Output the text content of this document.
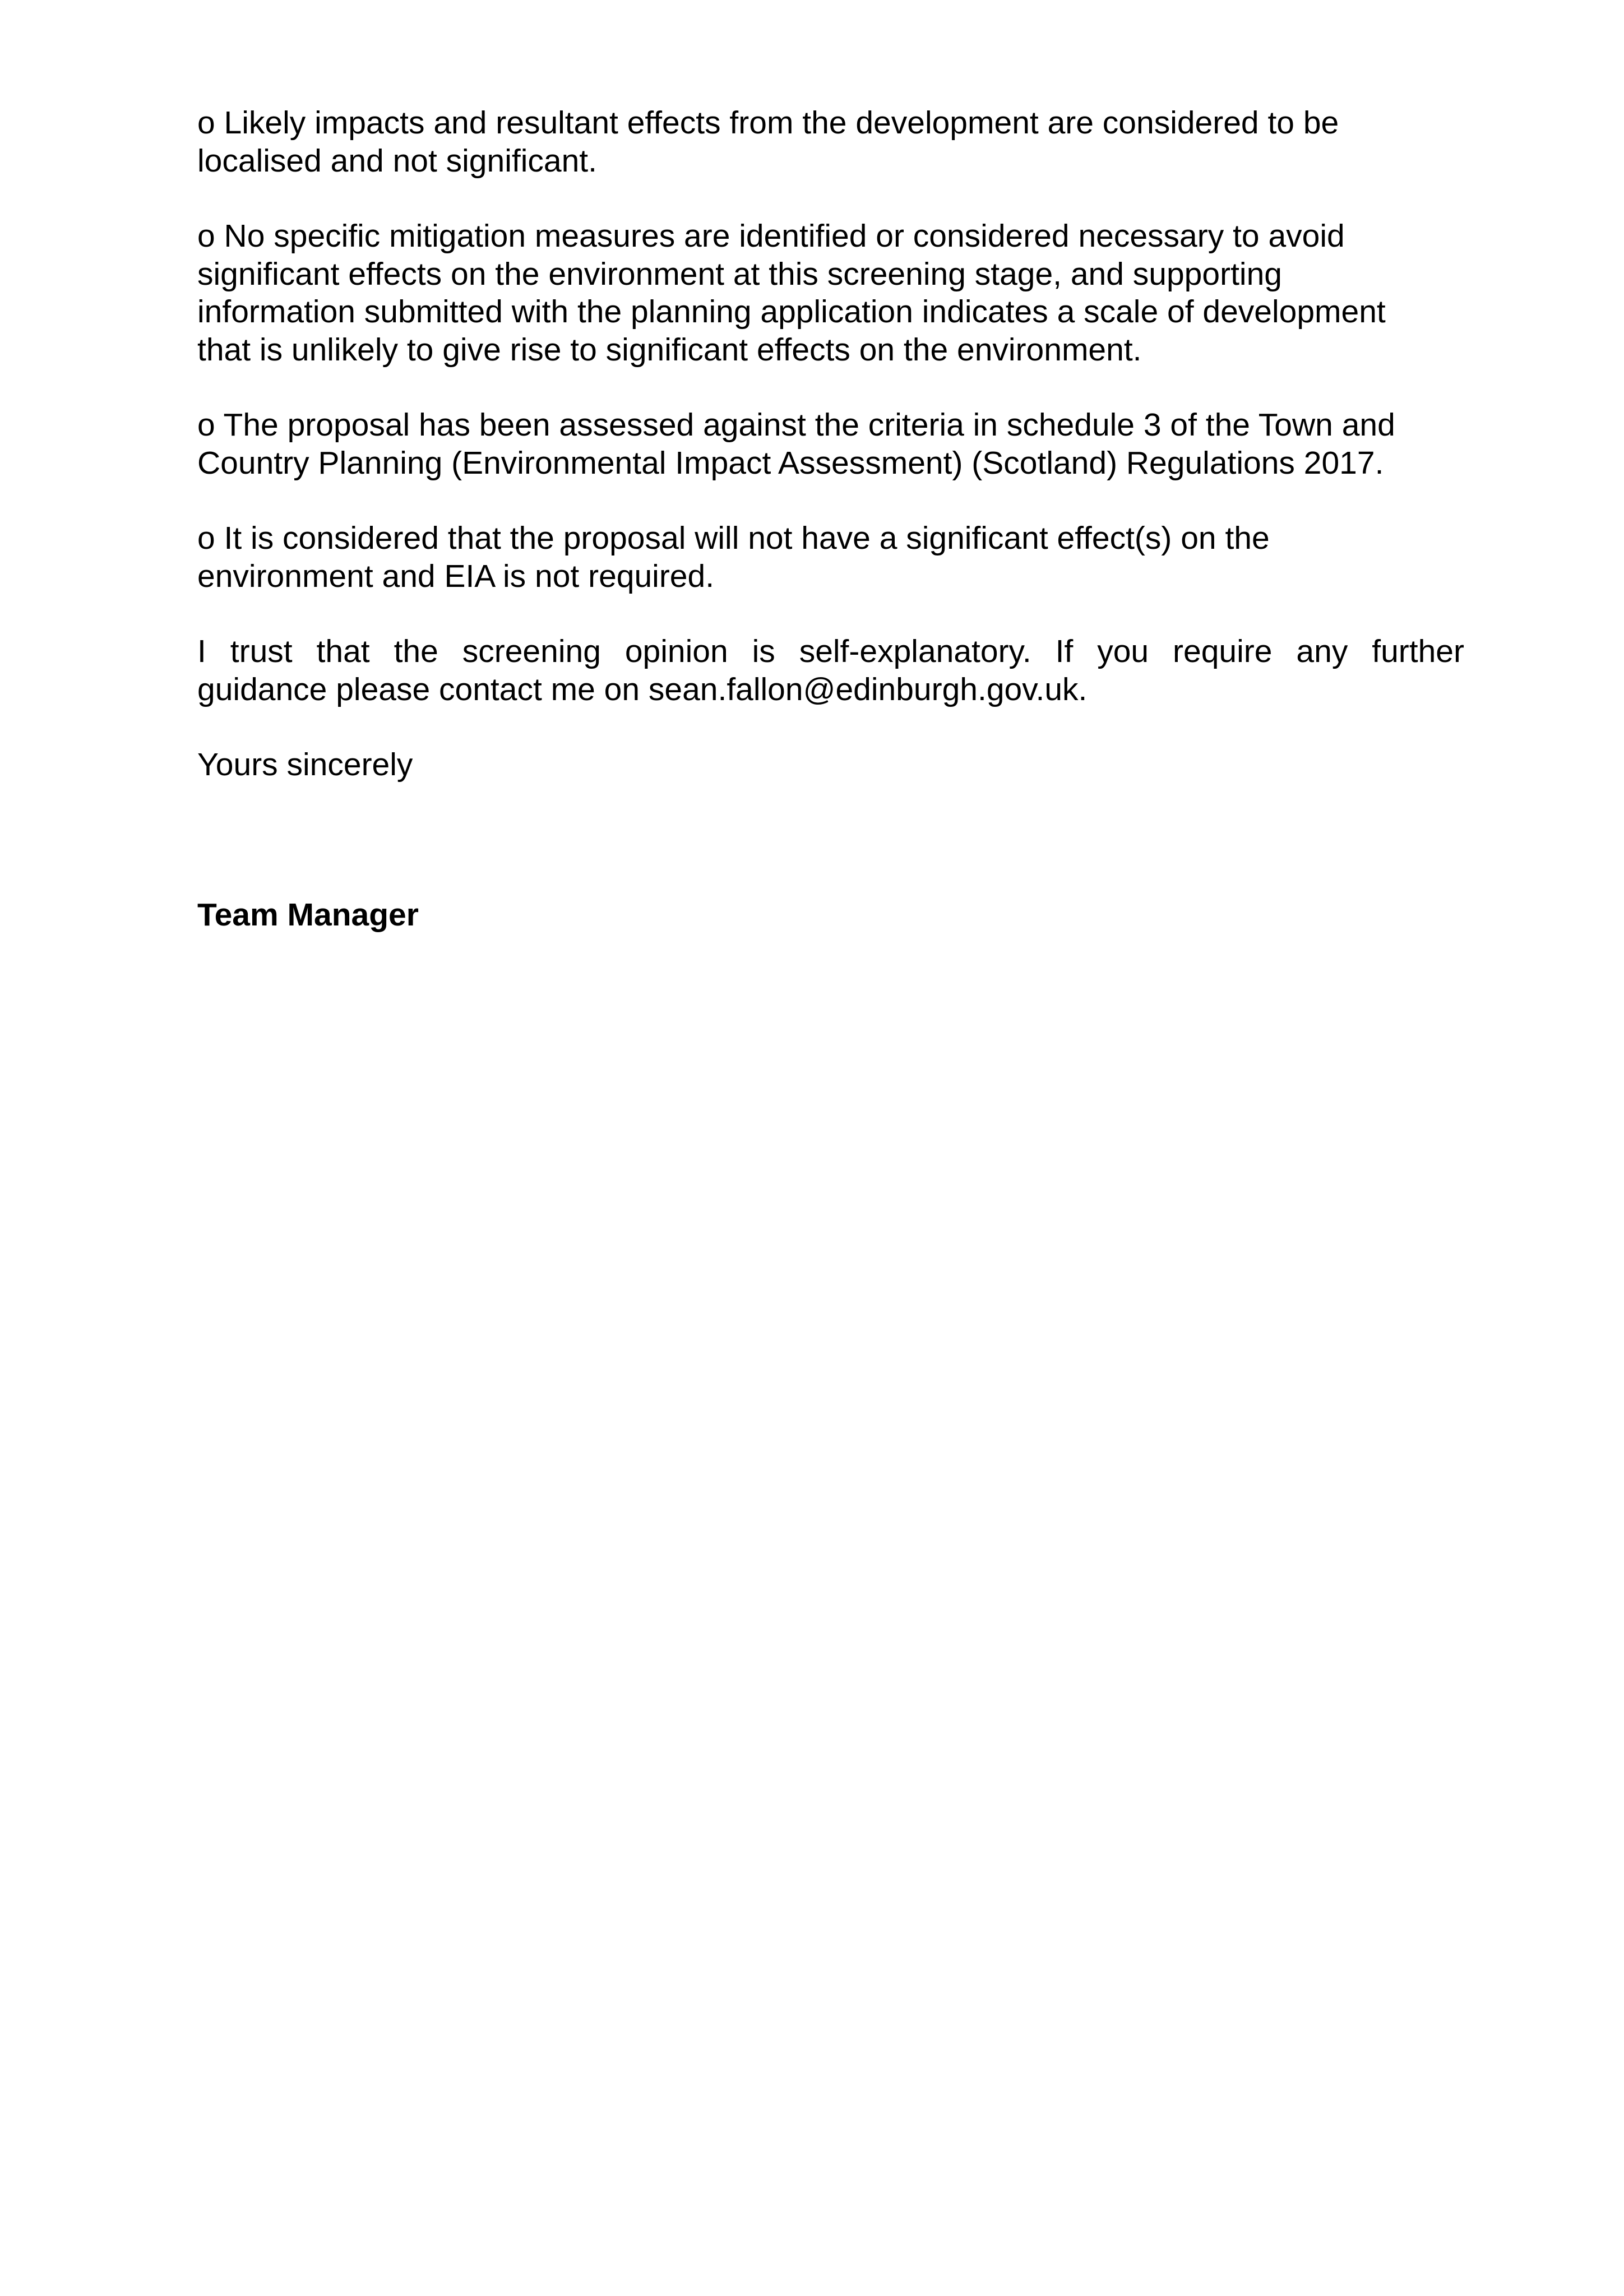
o Likely impacts and resultant effects from the development are considered to be
localised and not significant.

o No specific mitigation measures are identified or considered necessary to avoid
significant effects on the environment at this screening stage, and supporting
information submitted with the planning application indicates a scale of development
that is unlikely to give rise to significant effects on the environment.

o The proposal has been assessed against the criteria in schedule 3 of the Town and
Country Planning (Environmental Impact Assessment) (Scotland) Regulations 2017.

o It is considered that the proposal will not have a significant effect(s) on the
environment and EIA is not required.

I trust that the screening opinion is self-explanatory. If you require any further
guidance please contact me on sean.fallon@edinburgh.gov.uk.

Yours sincerely

Team Manager
